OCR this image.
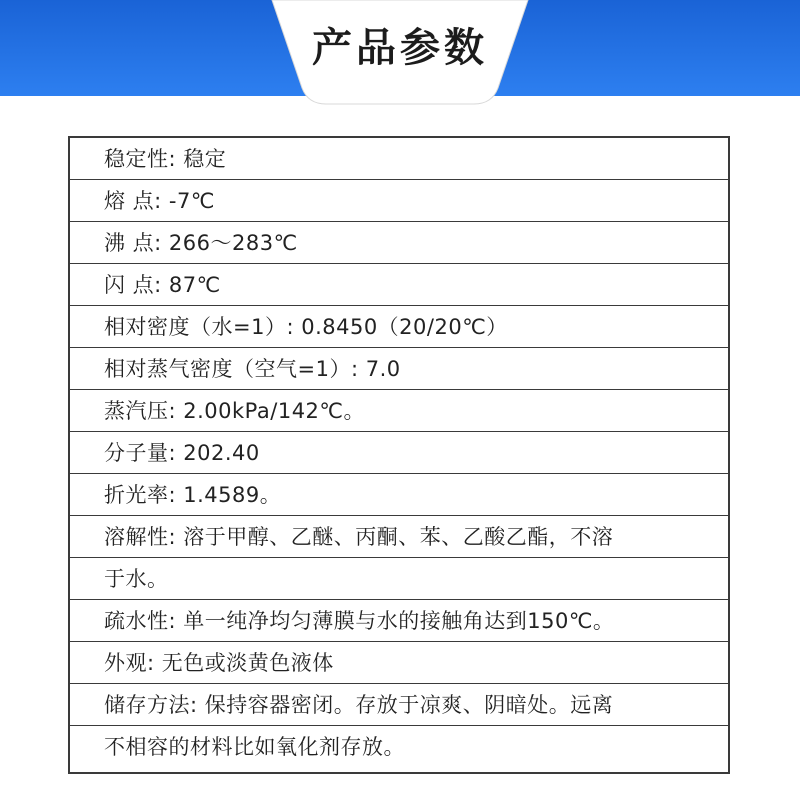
产品参数
稳定性: 稳定
熔 点: -7℃
沸 点: 266～283℃
闪 点: 87℃
相对密度（水=1）: 0.8450（20/20℃）
相对蒸气密度（空气=1）: 7.0
蒸汽压: 2.00kPa/142℃。
分子量: 202.40
折光率: 1.4589。
溶解性: 溶于甲醇、乙醚、丙酮、苯、乙酸乙酯，不溶
于水。
疏水性: 单一纯净均匀薄膜与水的接触角达到150℃。
外观: 无色或淡黄色液体
储存方法: 保持容器密闭。存放于凉爽、阴暗处。远离
不相容的材料比如氧化剂存放。
